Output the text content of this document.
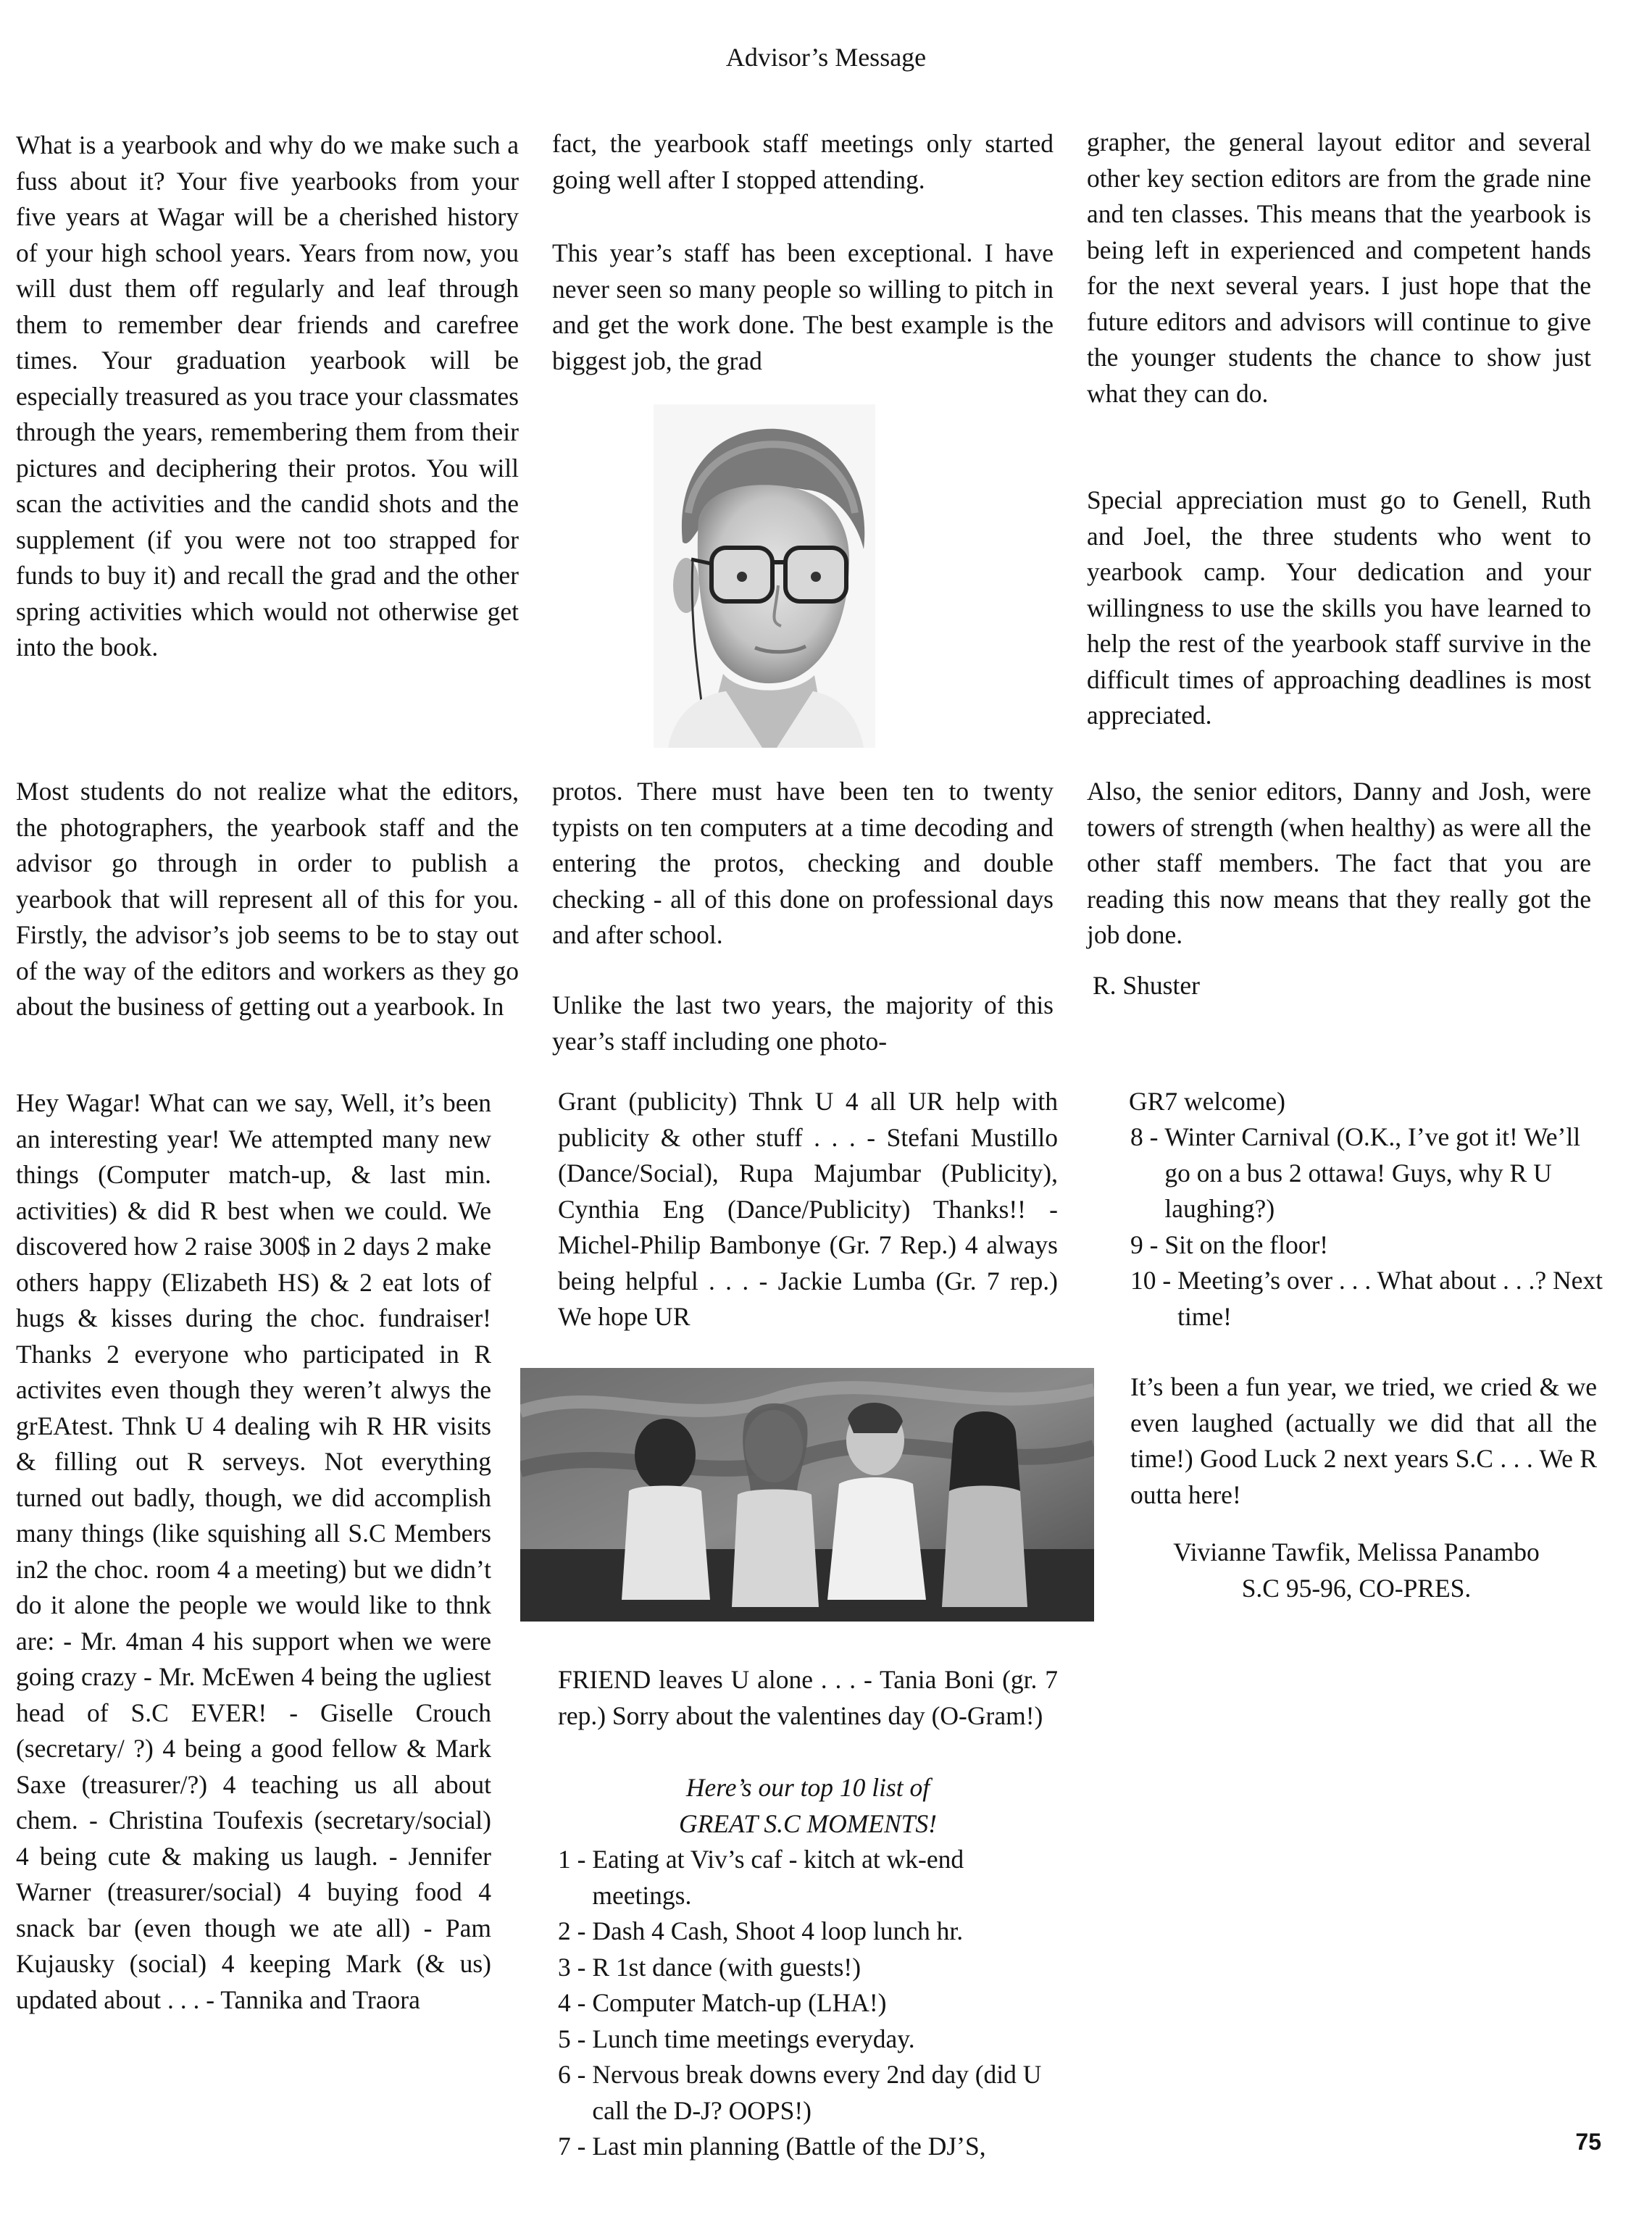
Advisor’s Message

What is a yearbook and why do we make such a fuss about it? Your five yearbooks from your five years at Wagar will be a cherished history of your high school years. Years from now, you will dust them off regularly and leaf through them to remember dear friends and carefree times. Your graduation yearbook will be especially treasured as you trace your classmates through the years, remembering them from their pictures and deciphering their protos. You will scan the activities and the candid shots and the supplement (if you were not too strapped for funds to buy it) and recall the grad and the other spring activities which would not otherwise get into the book.

Most students do not realize what the editors, the photographers, the yearbook staff and the advisor go through in order to publish a yearbook that will represent all of this for you. Firstly, the advisor’s job seems to be to stay out of the way of the editors and workers as they go about the business of getting out a yearbook. In

fact, the yearbook staff meetings only started going well after I stopped attending.

This year’s staff has been exceptional. I have never seen so many people so willing to pitch in and get the work done. The best example is the biggest job, the grad

protos. There must have been ten to twenty typists on ten computers at a time decoding and entering the protos, checking and double checking - all of this done on professional days and after school.

Unlike the last two years, the majority of this year’s staff including one photo-

grapher, the general layout editor and several other key section editors are from the grade nine and ten classes. This means that the yearbook is being left in experienced and competent hands for the next several years. I just hope that the future editors and advisors will continue to give the younger students the chance to show just what they can do.

Special appreciation must go to Genell, Ruth and Joel, the three students who went to yearbook camp. Your dedication and your willingness to use the skills you have learned to help the rest of the yearbook staff survive in the difficult times of approaching deadlines is most appreciated.

Also, the senior editors, Danny and Josh, were towers of strength (when healthy) as were all the other staff members. The fact that you are reading this now means that they really got the job done.

R. Shuster

Hey Wagar! What can we say, Well, it’s been an interesting year! We attempted many new things (Computer match-up, & last min. activities) & did R best when we could. We discovered how 2 raise 300$ in 2 days 2 make others happy (Elizabeth HS) & 2 eat lots of hugs & kisses during the choc. fundraiser! Thanks 2 everyone who participated in R activites even though they weren’t alwys the grEAtest. Thnk U 4 dealing wih R HR visits & filling out R serveys. Not everything turned out badly, though, we did accomplish many things (like squishing all S.C Members in2 the choc. room 4 a meeting) but we didn’t do it alone the people we would like to thnk are: - Mr. 4man 4 his support when we were going crazy - Mr. McEwen 4 being the ugliest head of S.C EVER! - Giselle Crouch (secretary/ ?) 4 being a good fellow & Mark Saxe (treasurer/?) 4 teaching us all about chem. - Christina Toufexis (secretary/social) 4 being cute & making us laugh. - Jennifer Warner (treasurer/social) 4 buying food 4 snack bar (even though we ate all) - Pam Kujausky (social) 4 keeping Mark (& us) updated about . . . - Tannika and Traora

Grant (publicity) Thnk U 4 all UR help with publicity & other stuff . . . - Stefani Mustillo (Dance/Social), Rupa Majumbar (Publicity), Cynthia Eng (Dance/Publicity) Thanks!! - Michel-Philip Bambonye (Gr. 7 Rep.) 4 always being helpful . . . - Jackie Lumba (Gr. 7 rep.) We hope UR

FRIEND leaves U alone . . . - Tania Boni (gr. 7 rep.) Sorry about the valentines day (O-Gram!)

Here’s our top 10 list of
GREAT S.C MOMENTS!
1 - Eating at Viv’s caf - kitch at wk-end meetings.
2 - Dash 4 Cash, Shoot 4 loop lunch hr.
3 - R 1st dance (with guests!)
4 - Computer Match-up (LHA!)
5 - Lunch time meetings everyday.
6 - Nervous break downs every 2nd day (did U call the D-J? OOPS!)
7 - Last min planning (Battle of the DJ’S,
GR7 welcome)
8 - Winter Carnival (O.K., I’ve got it! We’ll go on a bus 2 ottawa! Guys, why R U laughing?)
9 - Sit on the floor!
10 - Meeting’s over . . . What about . . .? Next time!

It’s been a fun year, we tried, we cried & we even laughed (actually we did that all the time!) Good Luck 2 next years S.C . . . We R outta here!

Vivianne Tawfik, Melissa Panambo
S.C 95-96, CO-PRES.
75
